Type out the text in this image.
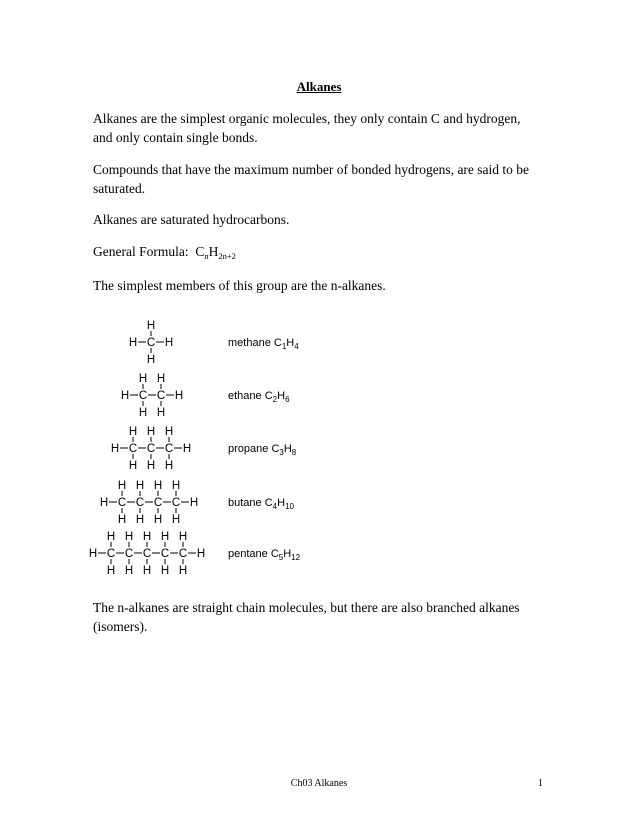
Alkanes

Alkanes are the simplest organic molecules, they only contain C and hydrogen, and only contain single bonds.

Compounds that have the maximum number of bonded hydrogens, are said to be saturated.

Alkanes are saturated hydrocarbons.

General Formula: $C_nH_{2n+2}$

The simplest members of this group are the n-alkanes.

C
H
H
H H	methane $C_1H_4$
C
H
H
C
H
H
H	H	ethane $C_2H_6$
C
H
H
C
H
H
C
H
H
H	H	propane $C_3H_8$
C
H
H
C
H
H
C
H
H
C
H
H
H	H	butane $C_4H_{10}$
C
H
H
C
H
H
C
H
H
C
H
H
C
H
H
H	H pentane $C_5H_{12}$

The n-alkanes are straight chain molecules, but there are also branched alkanes (isomers).

Ch03 Alkanes	1
